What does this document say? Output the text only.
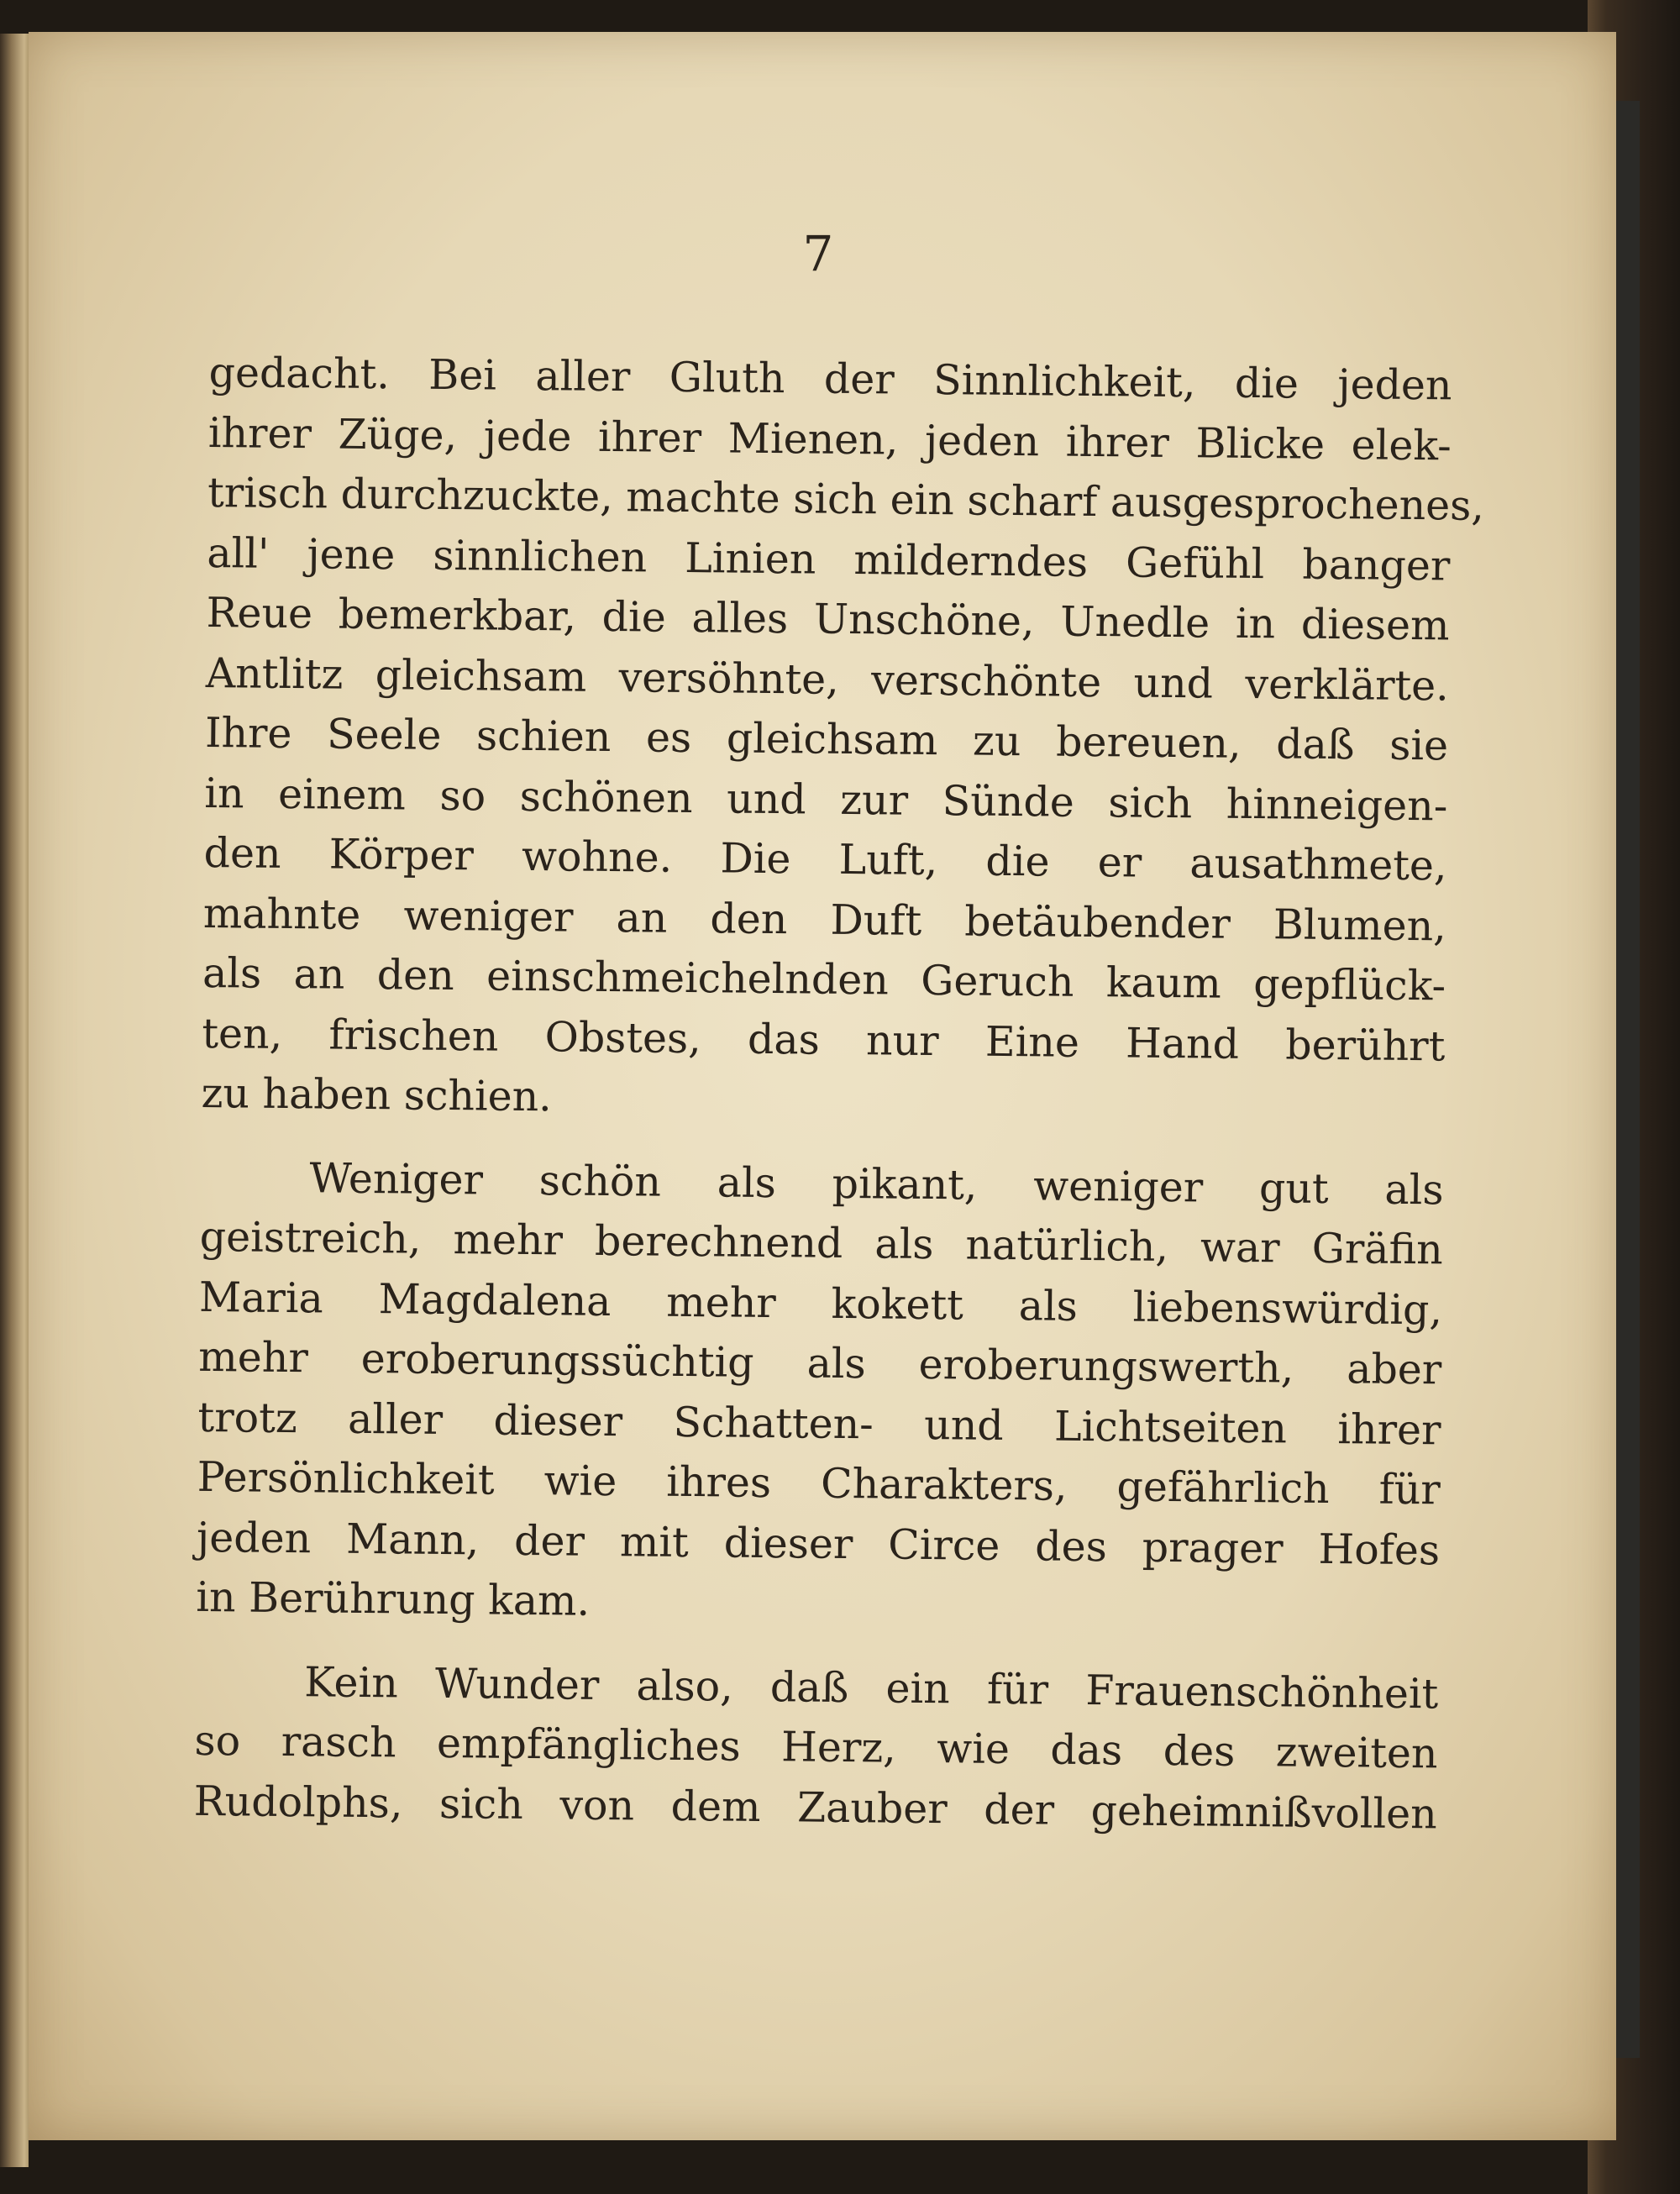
7

gedacht. Bei aller Gluth der Sinnlichkeit, die jeden
ihrer Züge, jede ihrer Mienen, jeden ihrer Blicke elek-
trisch durchzuckte, machte sich ein scharf ausgesprochenes,
all' jene sinnlichen Linien milderndes Gefühl banger
Reue bemerkbar, die alles Unschöne, Unedle in diesem
Antlitz gleichsam versöhnte, verschönte und verklärte.
Ihre Seele schien es gleichsam zu bereuen, daß sie
in einem so schönen und zur Sünde sich hinneigen-
den Körper wohne. Die Luft, die er ausathmete,
mahnte weniger an den Duft betäubender Blumen,
als an den einschmeichelnden Geruch kaum gepflück-
ten, frischen Obstes, das nur Eine Hand berührt
zu haben schien.

Weniger schön als pikant, weniger gut als
geistreich, mehr berechnend als natürlich, war Gräfin
Maria Magdalena mehr kokett als liebenswürdig,
mehr eroberungssüchtig als eroberungswerth, aber
trotz aller dieser Schatten- und Lichtseiten ihrer
Persönlichkeit wie ihres Charakters, gefährlich für
jeden Mann, der mit dieser Circe des prager Hofes
in Berührung kam.

Kein Wunder also, daß ein für Frauenschönheit
so rasch empfängliches Herz, wie das des zweiten
Rudolphs, sich von dem Zauber der geheimnißvollen
